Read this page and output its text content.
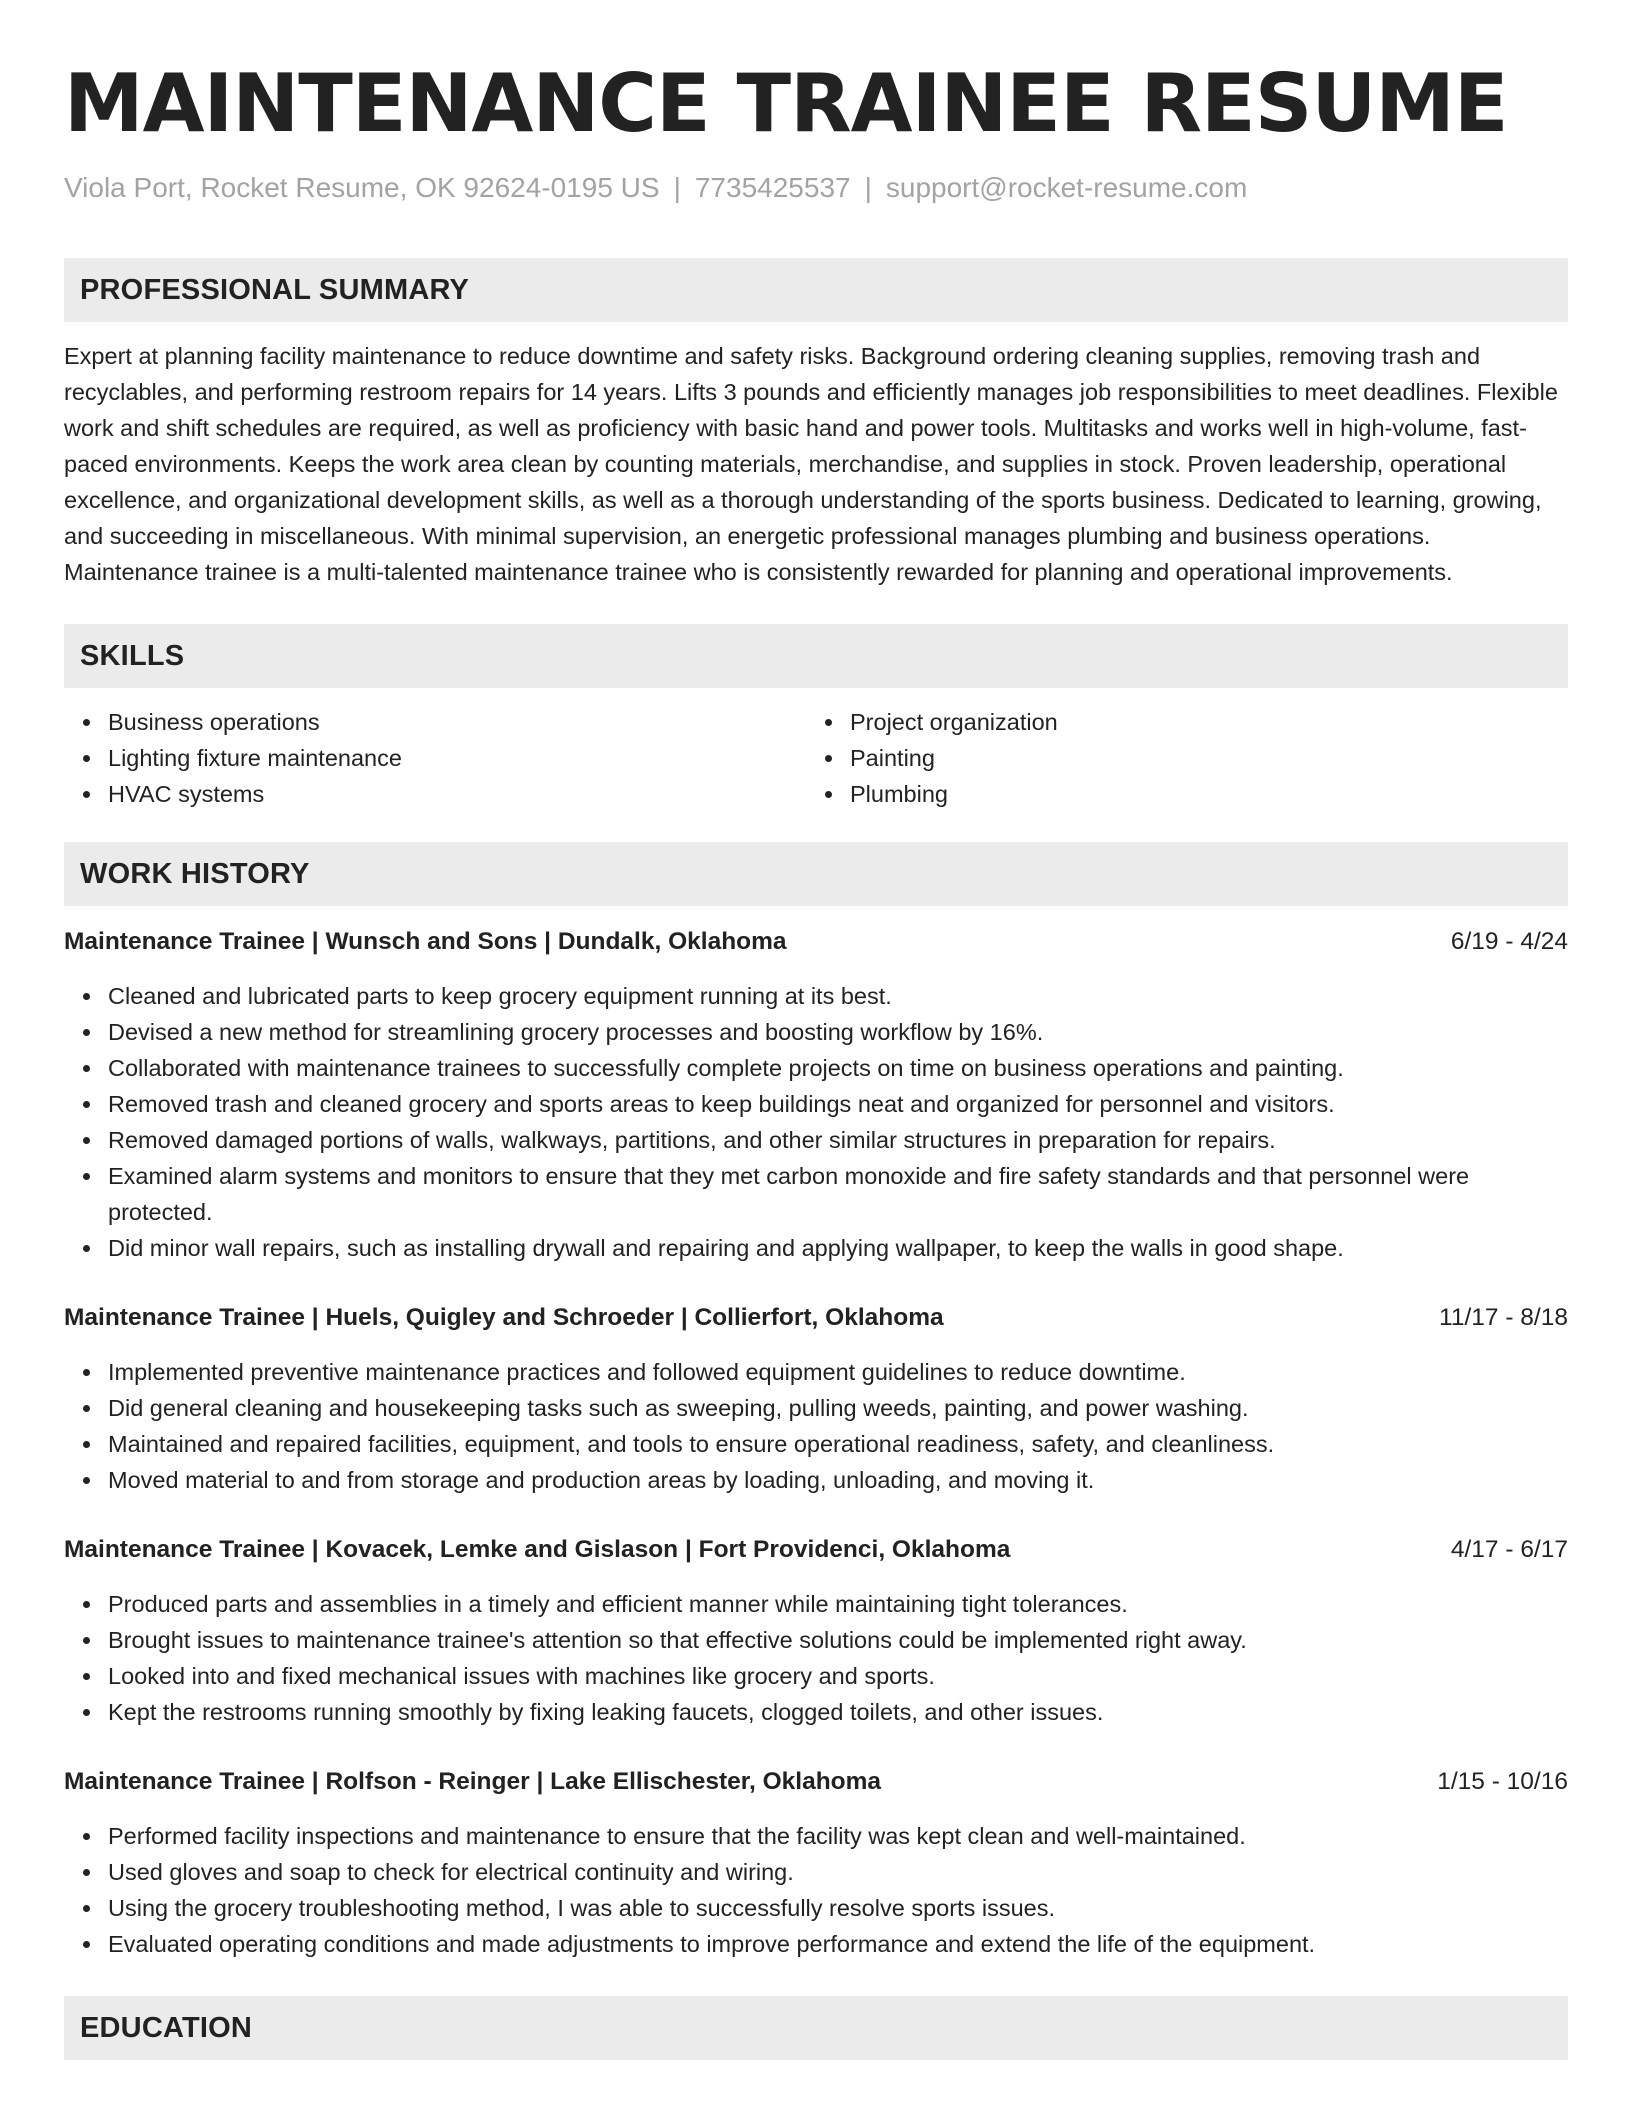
MAINTENANCE TRAINEE RESUME
Viola Port, Rocket Resume, OK 92624-0195 US | 7735425537 | support@rocket-resume.com
PROFESSIONAL SUMMARY
Expert at planning facility maintenance to reduce downtime and safety risks. Background ordering cleaning supplies, removing trash and recyclables, and performing restroom repairs for 14 years. Lifts 3 pounds and efficiently manages job responsibilities to meet deadlines. Flexible work and shift schedules are required, as well as proficiency with basic hand and power tools. Multitasks and works well in high-volume, fast-paced environments. Keeps the work area clean by counting materials, merchandise, and supplies in stock. Proven leadership, operational excellence, and organizational development skills, as well as a thorough understanding of the sports business. Dedicated to learning, growing, and succeeding in miscellaneous. With minimal supervision, an energetic professional manages plumbing and business operations. Maintenance trainee is a multi-talented maintenance trainee who is consistently rewarded for planning and operational improvements.
SKILLS
Business operations
Lighting fixture maintenance
HVAC systems
Project organization
Painting
Plumbing
WORK HISTORY
Maintenance Trainee | Wunsch and Sons | Dundalk, Oklahoma	6/19 - 4/24
Cleaned and lubricated parts to keep grocery equipment running at its best.
Devised a new method for streamlining grocery processes and boosting workflow by 16%.
Collaborated with maintenance trainees to successfully complete projects on time on business operations and painting.
Removed trash and cleaned grocery and sports areas to keep buildings neat and organized for personnel and visitors.
Removed damaged portions of walls, walkways, partitions, and other similar structures in preparation for repairs.
Examined alarm systems and monitors to ensure that they met carbon monoxide and fire safety standards and that personnel were protected.
Did minor wall repairs, such as installing drywall and repairing and applying wallpaper, to keep the walls in good shape.
Maintenance Trainee | Huels, Quigley and Schroeder | Collierfort, Oklahoma	11/17 - 8/18
Implemented preventive maintenance practices and followed equipment guidelines to reduce downtime.
Did general cleaning and housekeeping tasks such as sweeping, pulling weeds, painting, and power washing.
Maintained and repaired facilities, equipment, and tools to ensure operational readiness, safety, and cleanliness.
Moved material to and from storage and production areas by loading, unloading, and moving it.
Maintenance Trainee | Kovacek, Lemke and Gislason | Fort Providenci, Oklahoma	4/17 - 6/17
Produced parts and assemblies in a timely and efficient manner while maintaining tight tolerances.
Brought issues to maintenance trainee's attention so that effective solutions could be implemented right away.
Looked into and fixed mechanical issues with machines like grocery and sports.
Kept the restrooms running smoothly by fixing leaking faucets, clogged toilets, and other issues.
Maintenance Trainee | Rolfson - Reinger | Lake Ellischester, Oklahoma	1/15 - 10/16
Performed facility inspections and maintenance to ensure that the facility was kept clean and well-maintained.
Used gloves and soap to check for electrical continuity and wiring.
Using the grocery troubleshooting method, I was able to successfully resolve sports issues.
Evaluated operating conditions and made adjustments to improve performance and extend the life of the equipment.
EDUCATION
